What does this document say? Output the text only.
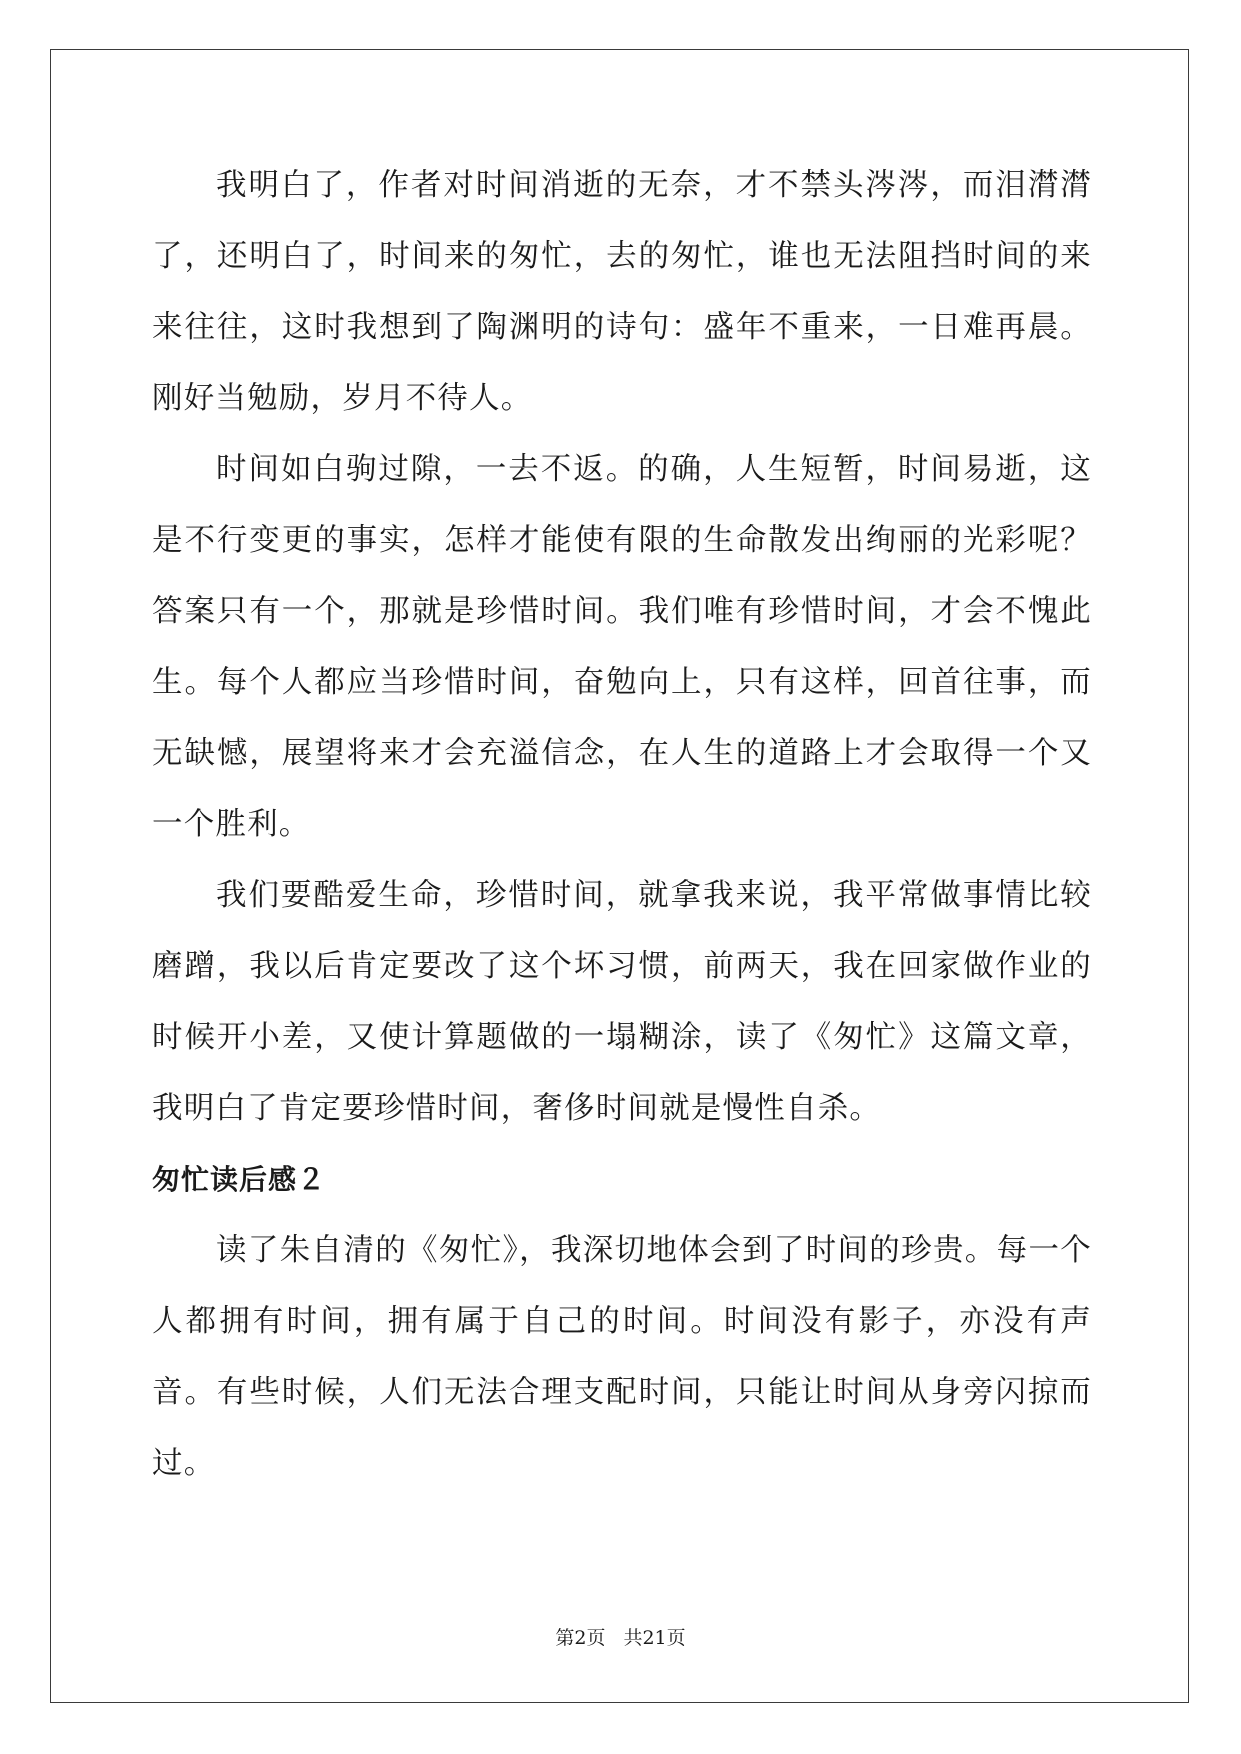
我明白了，作者对时间消逝的无奈，才不禁头涔涔，而泪潸潸了，还明白了，时间来的匆忙，去的匆忙，谁也无法阻挡时间的来来往往，这时我想到了陶渊明的诗句：盛年不重来，一日难再晨。刚好当勉励，岁月不待人。

时间如白驹过隙，一去不返。的确，人生短暂，时间易逝，这是不行变更的事实，怎样才能使有限的生命散发出绚丽的光彩呢？答案只有一个，那就是珍惜时间。我们唯有珍惜时间，才会不愧此生。每个人都应当珍惜时间，奋勉向上，只有这样，回首往事，而无缺憾，展望将来才会充溢信念，在人生的道路上才会取得一个又一个胜利。

我们要酷爱生命，珍惜时间，就拿我来说，我平常做事情比较磨蹭，我以后肯定要改了这个坏习惯，前两天，我在回家做作业的时候开小差，又使计算题做的一塌糊涂，读了《匆忙》这篇文章，我明白了肯定要珍惜时间，奢侈时间就是慢性自杀。

匆忙读后感２

读了朱自清的《匆忙》，我深切地体会到了时间的珍贵。每一个人都拥有时间，拥有属于自己的时间。时间没有影子，亦没有声音。有些时候，人们无法合理支配时间，只能让时间从身旁闪掠而过。

第2页 共21页
